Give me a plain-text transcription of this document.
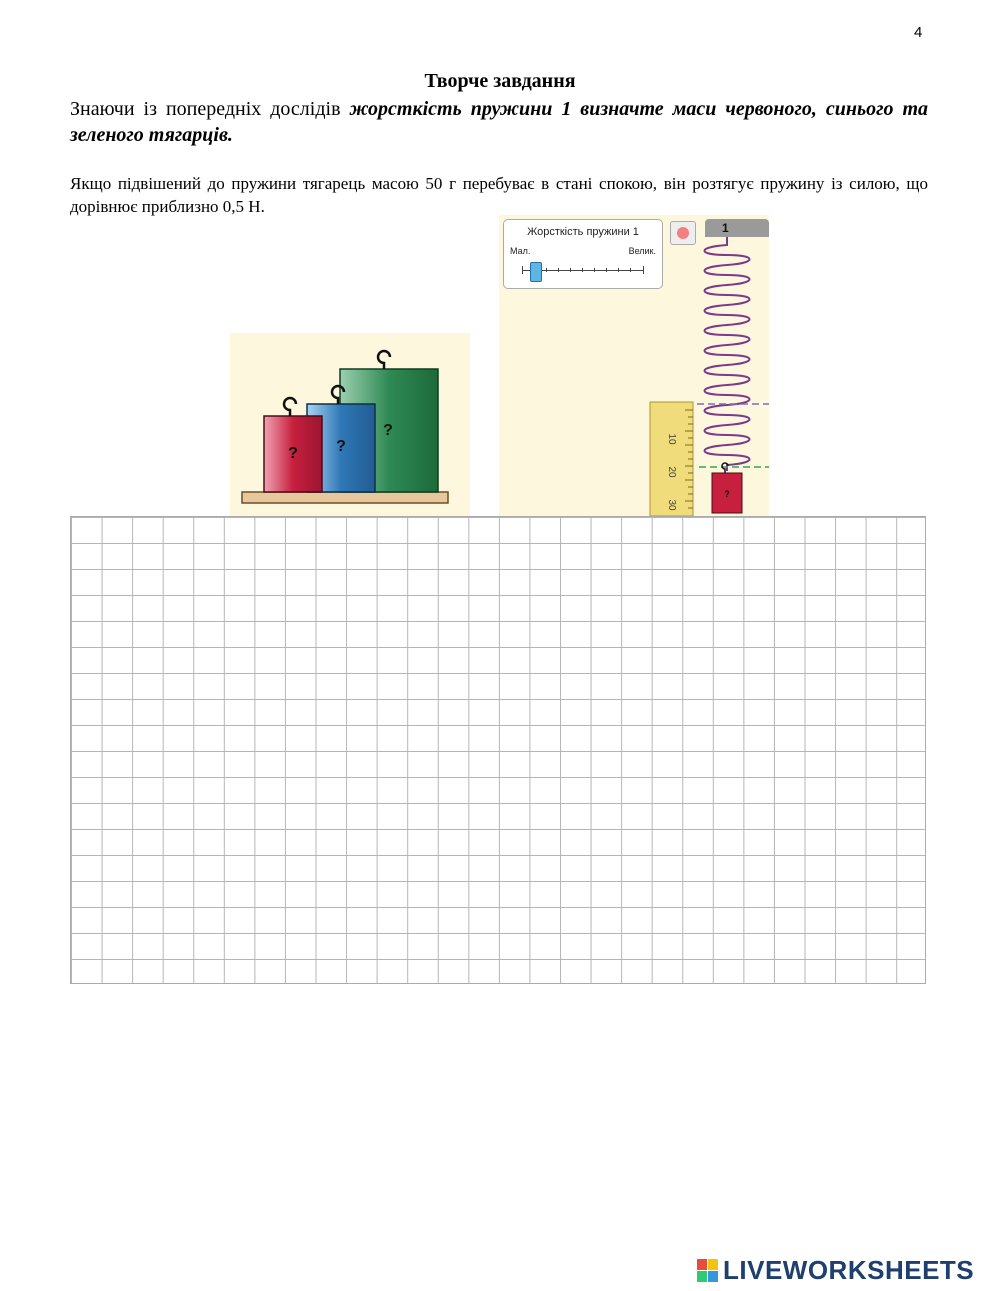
4
Творче завдання
Знаючи із попередніх дослідів жорсткість пружини 1 визначте маси червоного, синього та зеленого тягарців.
Якщо підвішений до пружини тягарець масою 50 г перебуває в стані спокою, він розтягує пружину із силою, що дорівнює приблизно 0,5 Н.
?
?
?
Жорсткість пружини 1
Мал.	Велик.
1
10
20
30
?
LIVEWORKSHEETS
